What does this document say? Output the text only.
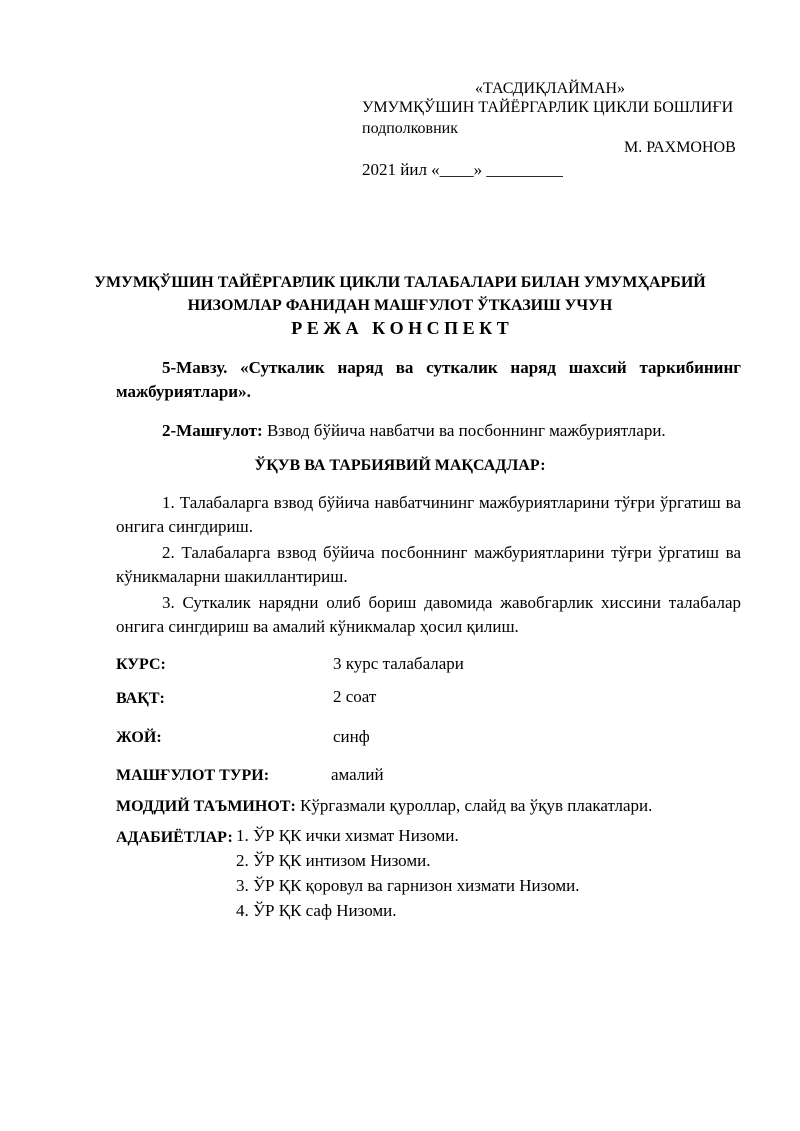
«ТАСДИҚЛАЙМАН»
УМУМҚЎШИН ТАЙЁРГАРЛИК ЦИКЛИ БОШЛИҒИ
подполковник
М. РАХМОНОВ
2021 йил «____» _________
УМУМҚЎШИН ТАЙЁРГАРЛИК ЦИКЛИ ТАЛАБАЛАРИ БИЛАН УМУМҲАРБИЙ
НИЗОМЛАР ФАНИДАН МАШҒУЛОТ ЎТКАЗИШ УЧУН
Р Е Ж А   К О Н С П Е К Т
5-Мавзу. «Суткалик наряд ва суткалик наряд шахсий таркибининг мажбуриятлари».
2-Машғулот: Взвод бўйича навбатчи ва посбоннинг мажбуриятлари.
ЎҚУВ ВА ТАРБИЯВИЙ МАҚСАДЛАР:
1. Талабаларга взвод бўйича навбатчининг мажбуриятларини тўғри ўргатиш ва онгига сингдириш.
2. Талабаларга взвод бўйича посбоннинг мажбуриятларини тўғри ўргатиш ва кўникмаларни шакиллантириш.
3. Суткалик нарядни олиб бориш давомида жавобгарлик хиссини талабалар онгига сингдириш ва амалий кўникмалар ҳосил қилиш.
КУРС:	3 курс талабалари
ВАҚТ:	2 соат
ЖОЙ:	синф
МАШҒУЛОТ ТУРИ:	амалий
МОДДИЙ ТАЪМИНОТ: Кўргазмали қуроллар, слайд ва ўқув плакатлари.
АДАБИЁТЛАР: 1. ЎР ҚК ички хизмат Низоми.
2. ЎР ҚК интизом Низоми.
3. ЎР ҚК қоровул ва гарнизон хизмати Низоми.
4. ЎР ҚК саф Низоми.
